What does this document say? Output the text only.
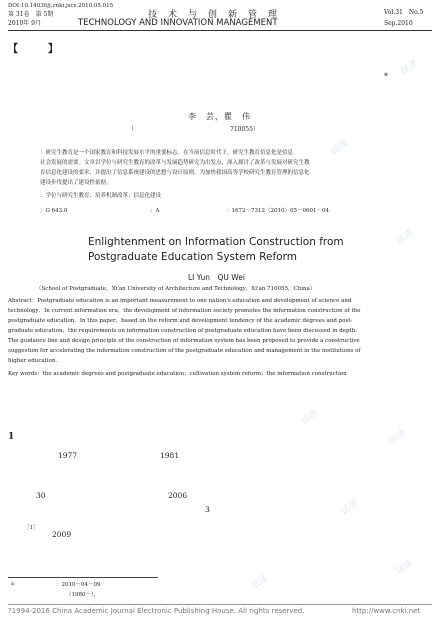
DOI:10.14030/j.cnki.jscs.2010.05.015
第 31卷　第 5期
2010年 9月
技　术　与　创　新　管　理
TECHNOLOGY AND INNOVATION MANAGEMENT
Vol.31　No.5
Sep.2010
【　　　】
*
李　芸，瞿　伟
（　　　　　　　　　　　　　　　　710055）
：研究生教育是一个国家教育和科技发展水平的重要标志。在当前信息时代下，研究生教育信息化是信息
社会发展的需要。文章以学位与研究生教育的改革与发展趋势研究为出发点，深入探讨了改革与发展对研究生教
育信息化建设的要求，并提出了信息系统建设的思想与设计原则，为加快我国高等学校研究生教育管理的信息化
建设步伐提出了建设性依据。
：学位与研究生教育；培养机制改革；信息化建设
：G 643.0	：A	：1672－7312（2010）05－0601－04
Enlightenment on Information Construction from
Postgraduate Education System Reform
LI Yun　QU Wei
（School of Postgraduate，Xi'an University of Architecture and Technology，Xi'an 710055，China）
Abstract：Postgraduate education is an important measurement to one nation's education and development of science and
technology．In current information era，the development of information society promotes the information construction of the
postgraduate education．In this paper，based on the reform and development tendency of the academic degrees and post-
graduate education，the requirements on information construction of postgraduate education have been discussed in depth．
The guidance line and design principle of the construction of information system has been proposed to provide a constructive
suggestion for accelerating the information construction of the postgraduate education and management in the institutions of
higher education．
Key words：the academic degrees and postgraduate education；cultivation system reform；the information construction
1
1977	1981
30	2006
3
［1］
2009
＊	：2010－04－09
（1980－），
?1994-2016 China Academic Journal Electronic Publishing House. All rights reserved.	http://www.cnki.net
试读
试读
试读
试读
试读
试读
试读
试读
